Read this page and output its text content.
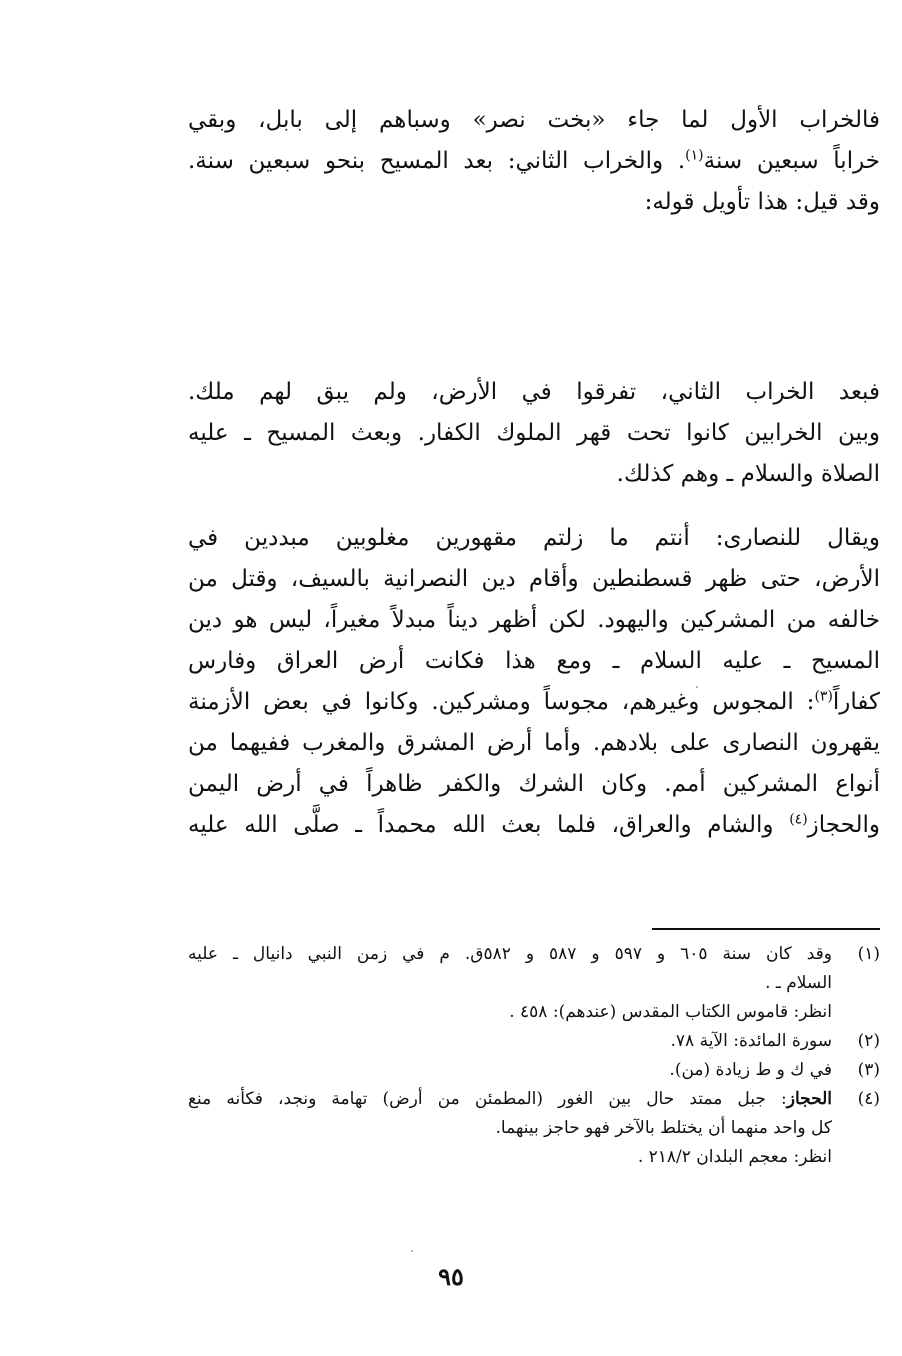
فالخراب الأول لما جاء «بخت نصر» وسباهم إلى بابل، وبقي
خراباً سبعين سنة$^{(١)}$. والخراب الثاني: بعد المسيح بنحو سبعين سنة.
وقد قيل: هذا تأويل قوله:
فبعد الخراب الثاني، تفرقوا في الأرض، ولم يبق لهم ملك.
وبين الخرابين كانوا تحت قهر الملوك الكفار. وبعث المسيح ـ عليه
الصلاة والسلام ـ وهم كذلك.
ويقال للنصارى: أنتم ما زلتم مقهورين مغلوبين مبددين في
الأرض، حتى ظهر قسطنطين وأقام دين النصرانية بالسيف، وقتل من
خالفه من المشركين واليهود. لكن أظهر ديناً مبدلاً مغيراً، ليس هو دين
المسيح ـ عليه السلام ـ ومع هذا فكانت أرض العراق وفارس
كفاراً$^{(٣)}$: المجوس وغيرهم، مجوساً ومشركين. وكانوا في بعض الأزمنة
يقهرون النصارى على بلادهم. وأما أرض المشرق والمغرب ففيهما من
أنواع المشركين أمم. وكان الشرك والكفر ظاهراً في أرض اليمن
والحجاز$^{(٤)}$ والشام والعراق، فلما بعث الله محمداً ـ صلَّى الله عليه
(١)
وقد كان سنة ٦٠٥ و ٥٩٧ و ٥٨٧ و ٥٨٢ق. م في زمن النبي دانيال ـ عليه
السلام ـ .
انظر: قاموس الكتاب المقدس (عندهم): ٤٥٨ .
(٢)
سورة المائدة: الآية ٧٨.
(٣)
في ك و ط زيادة (من).
(٤)
الحجاز: جبل ممتد حال بين الغور (المطمئن من أرض) تهامة ونجد، فكأنه منع
كل واحد منهما أن يختلط بالآخر فهو حاجز بينهما.
انظر: معجم البلدان ٢١٨/٢ .
٩٥
